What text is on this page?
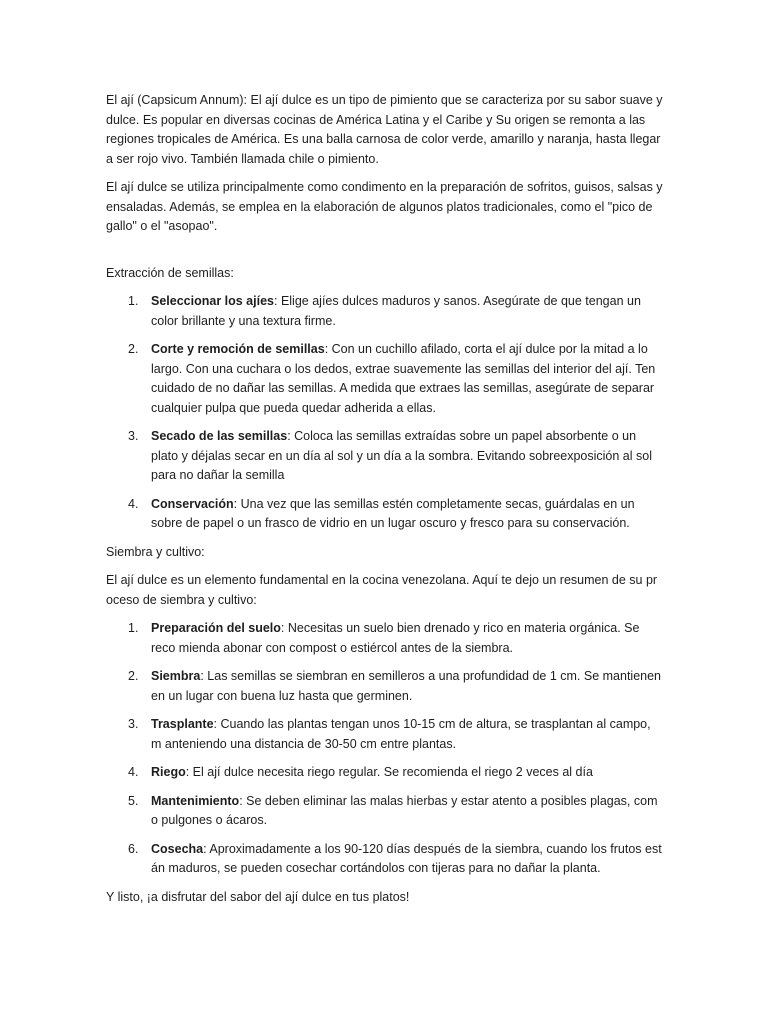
El ají (Capsicum Annum): El ají dulce es un tipo de pimiento que se caracteriza por su sabor suave y dulce. Es popular en diversas cocinas de América Latina y el Caribe y Su origen se remonta a las regiones tropicales de América. Es una balla carnosa de color verde, amarillo y naranja, hasta llegar a ser rojo vivo. También llamada chile o pimiento.

El ají dulce se utiliza principalmente como condimento en la preparación de sofritos, guisos, salsas y ensaladas. Además, se emplea en la elaboración de algunos platos tradicionales, como el "pico de gallo" o el "asopao".

Extracción de semillas:

1. Seleccionar los ajíes: Elige ajíes dulces maduros y sanos. Asegúrate de que tengan un color brillante y una textura firme.
2. Corte y remoción de semillas: Con un cuchillo afilado, corta el ají dulce por la mitad a lo largo. Con una cuchara o los dedos, extrae suavemente las semillas del interior del ají. Ten cuidado de no dañar las semillas. A medida que extraes las semillas, asegúrate de separar cualquier pulpa que pueda quedar adherida a ellas.
3. Secado de las semillas: Coloca las semillas extraídas sobre un papel absorbente o un plato y déjalas secar en un día al sol y un día a la sombra. Evitando sobreexposición al sol para no dañar la semilla
4. Conservación: Una vez que las semillas estén completamente secas, guárdalas en un sobre de papel o un frasco de vidrio en un lugar oscuro y fresco para su conservación.

Siembra y cultivo:

El ají dulce es un elemento fundamental en la cocina venezolana. Aquí te dejo un resumen de su pr oceso de siembra y cultivo:

1. Preparación del suelo: Necesitas un suelo bien drenado y rico en materia orgánica. Se reco mienda abonar con compost o estiércol antes de la siembra.
2. Siembra: Las semillas se siembran en semilleros a una profundidad de 1 cm. Se mantienen en un lugar con buena luz hasta que germinen.
3. Trasplante: Cuando las plantas tengan unos 10-15 cm de altura, se trasplantan al campo, m anteniendo una distancia de 30-50 cm entre plantas.
4. Riego: El ají dulce necesita riego regular. Se recomienda el riego 2 veces al día
5. Mantenimiento: Se deben eliminar las malas hierbas y estar atento a posibles plagas, com o pulgones o ácaros.
6. Cosecha: Aproximadamente a los 90-120 días después de la siembra, cuando los frutos est án maduros, se pueden cosechar cortándolos con tijeras para no dañar la planta.

Y listo, ¡a disfrutar del sabor del ají dulce en tus platos!
